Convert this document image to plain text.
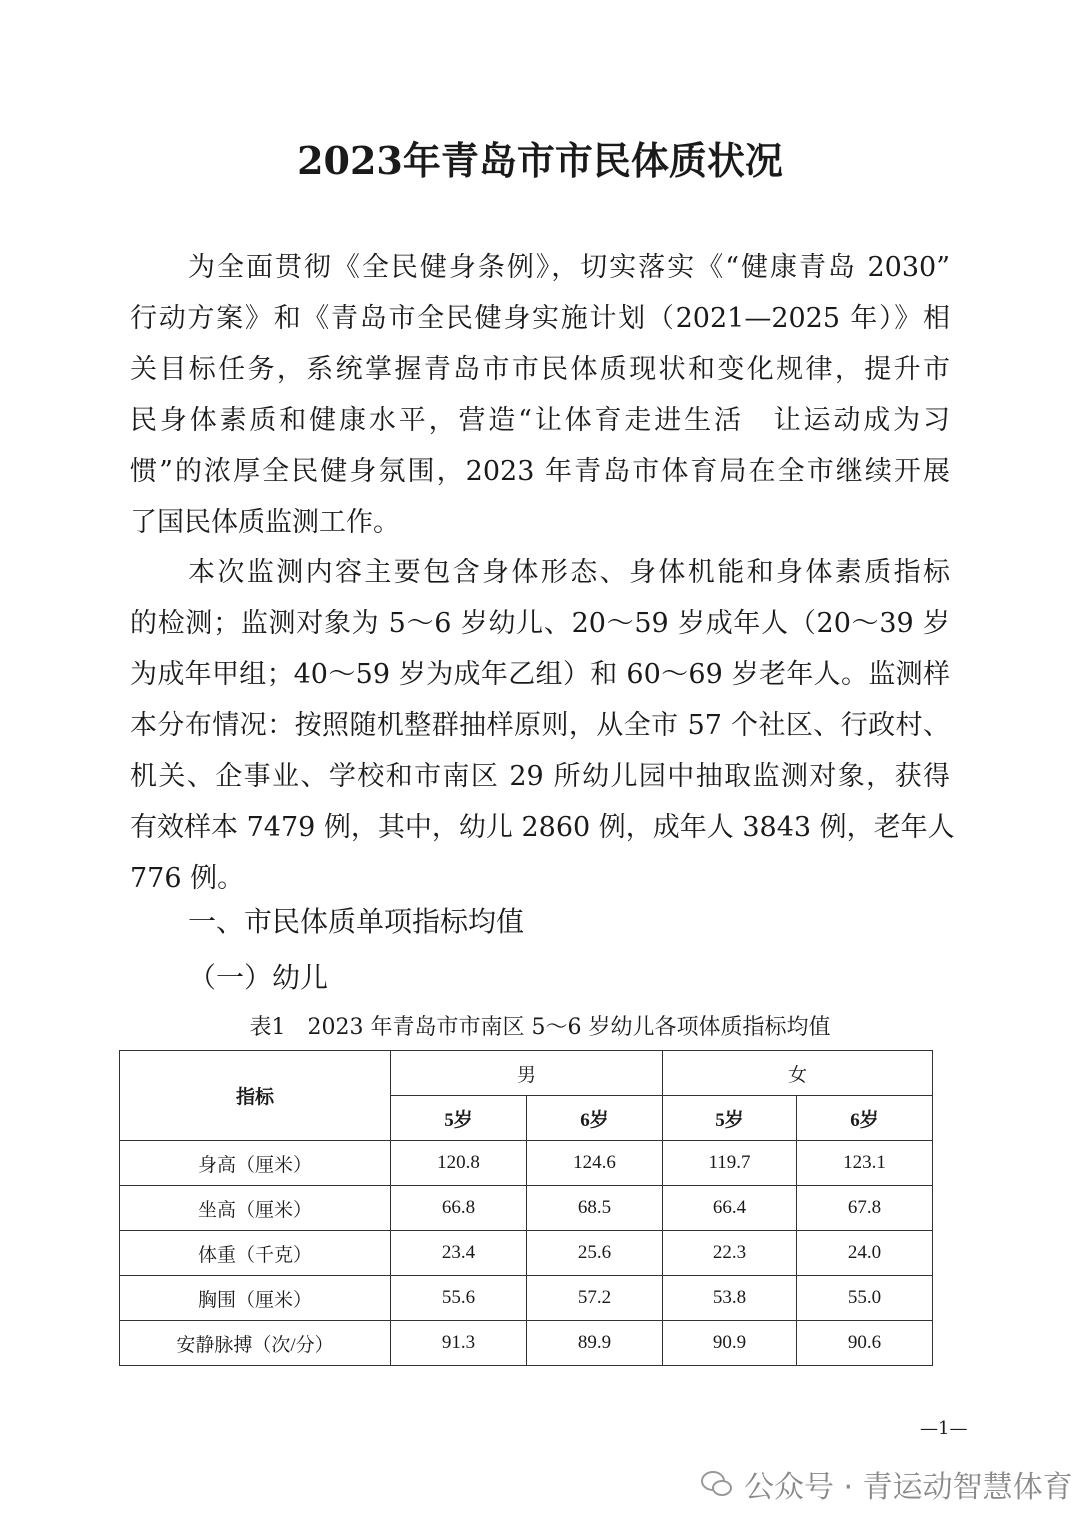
2023年青岛市市民体质状况
为全面贯彻《全民健身条例》，切实落实《“健康青岛 2030”
行动方案》和《青岛市全民健身实施计划（2021—2025 年）》相
关目标任务，系统掌握青岛市市民体质现状和变化规律，提升市
民身体素质和健康水平，营造“让体育走进生活　让运动成为习
惯”的浓厚全民健身氛围，2023 年青岛市体育局在全市继续开展
了国民体质监测工作。
本次监测内容主要包含身体形态、身体机能和身体素质指标
的检测；监测对象为 5～6 岁幼儿、20～59 岁成年人（20～39 岁
为成年甲组；40～59 岁为成年乙组）和 60～69 岁老年人。监测样
本分布情况：按照随机整群抽样原则，从全市 57 个社区、行政村、
机关、企事业、学校和市南区 29 所幼儿园中抽取监测对象，获得
有效样本 7479 例，其中，幼儿 2860 例，成年人 3843 例，老年人
776 例。
一、市民体质单项指标均值
（一）幼儿
表1　2023 年青岛市市南区 5～6 岁幼儿各项体质指标均值
指标	男		女	
	5岁	6岁	5岁	6岁
身高（厘米）	120.8	124.6	119.7	123.1
坐高（厘米）	66.8	68.5	66.4	67.8
体重（千克）	23.4	25.6	22.3	24.0
胸围（厘米）	55.6	57.2	53.8	55.0
安静脉搏（次/分）	91.3	89.9	90.9	90.6
—1—
公众号 · 青运动智慧体育
